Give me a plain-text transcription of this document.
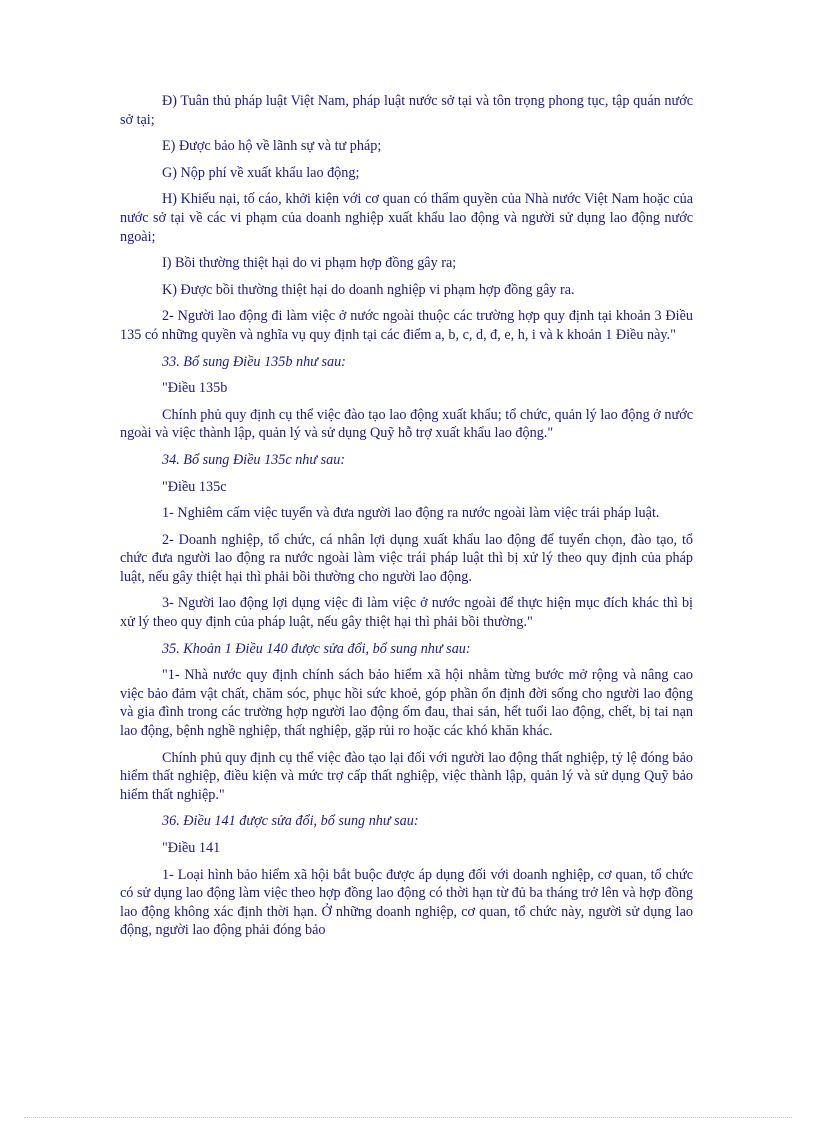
Đ) Tuân thủ pháp luật Việt Nam, pháp luật nước sở tại và tôn trọng phong tục, tập quán nước sở tại;

E) Được bảo hộ về lãnh sự và tư pháp;

G) Nộp phí về xuất khẩu lao động;

H) Khiếu nại, tố cáo, khởi kiện với cơ quan có thẩm quyền của Nhà nước Việt Nam hoặc của nước sở tại về các vi phạm của doanh nghiệp xuất khẩu lao động và người sử dụng lao động nước ngoài;

I) Bồi thường thiệt hại do vi phạm hợp đồng gây ra;

K) Được bồi thường thiệt hại do doanh nghiệp vi phạm hợp đồng gây ra.

2- Người lao động đi làm việc ở nước ngoài thuộc các trường hợp quy định tại khoản 3 Điều 135 có những quyền và nghĩa vụ quy định tại các điểm a, b, c, d, đ, e, h, i và k khoản 1 Điều này."

33. Bổ sung Điều 135b như sau:

"Điều 135b

Chính phủ quy định cụ thể việc đào tạo lao động xuất khẩu; tổ chức, quản lý lao động ở nước ngoài và việc thành lập, quản lý và sử dụng Quỹ hỗ trợ xuất khẩu lao động."

34. Bổ sung Điều 135c như sau:

"Điều 135c

1- Nghiêm cấm việc tuyển và đưa người lao động ra nước ngoài làm việc trái pháp luật.

2- Doanh nghiệp, tổ chức, cá nhân lợi dụng xuất khẩu lao động để tuyển chọn, đào tạo, tổ chức đưa người lao động ra nước ngoài làm việc trái pháp luật thì bị xử lý theo quy định của pháp luật, nếu gây thiệt hại thì phải bồi thường cho người lao động.

3- Người lao động lợi dụng việc đi làm việc ở nước ngoài để thực hiện mục đích khác thì bị xử lý theo quy định của pháp luật, nếu gây thiệt hại thì phải bồi thường."

35. Khoản 1 Điều 140 được sửa đổi, bổ sung như sau:

"1- Nhà nước quy định chính sách bảo hiểm xã hội nhằm từng bước mở rộng và nâng cao việc bảo đảm vật chất, chăm sóc, phục hồi sức khoẻ, góp phần ổn định đời sống cho người lao động và gia đình trong các trường hợp người lao động ốm đau, thai sản, hết tuổi lao động, chết, bị tai nạn lao động, bệnh nghề nghiệp, thất nghiệp, gặp rủi ro hoặc các khó khăn khác.

Chính phủ quy định cụ thể việc đào tạo lại đối với người lao động thất nghiệp, tỷ lệ đóng bảo hiểm thất nghiệp, điều kiện và mức trợ cấp thất nghiệp, việc thành lập, quản lý và sử dụng Quỹ bảo hiểm thất nghiệp."

36. Điều 141 được sửa đổi, bổ sung như sau:

"Điều 141

1- Loại hình bảo hiểm xã hội bắt buộc được áp dụng đối với doanh nghiệp, cơ quan, tổ chức có sử dụng lao động làm việc theo hợp đồng lao động có thời hạn từ đủ ba tháng trở lên và hợp đồng lao động không xác định thời hạn. Ở những doanh nghiệp, cơ quan, tổ chức này, người sử dụng lao động, người lao động phải đóng bảo
